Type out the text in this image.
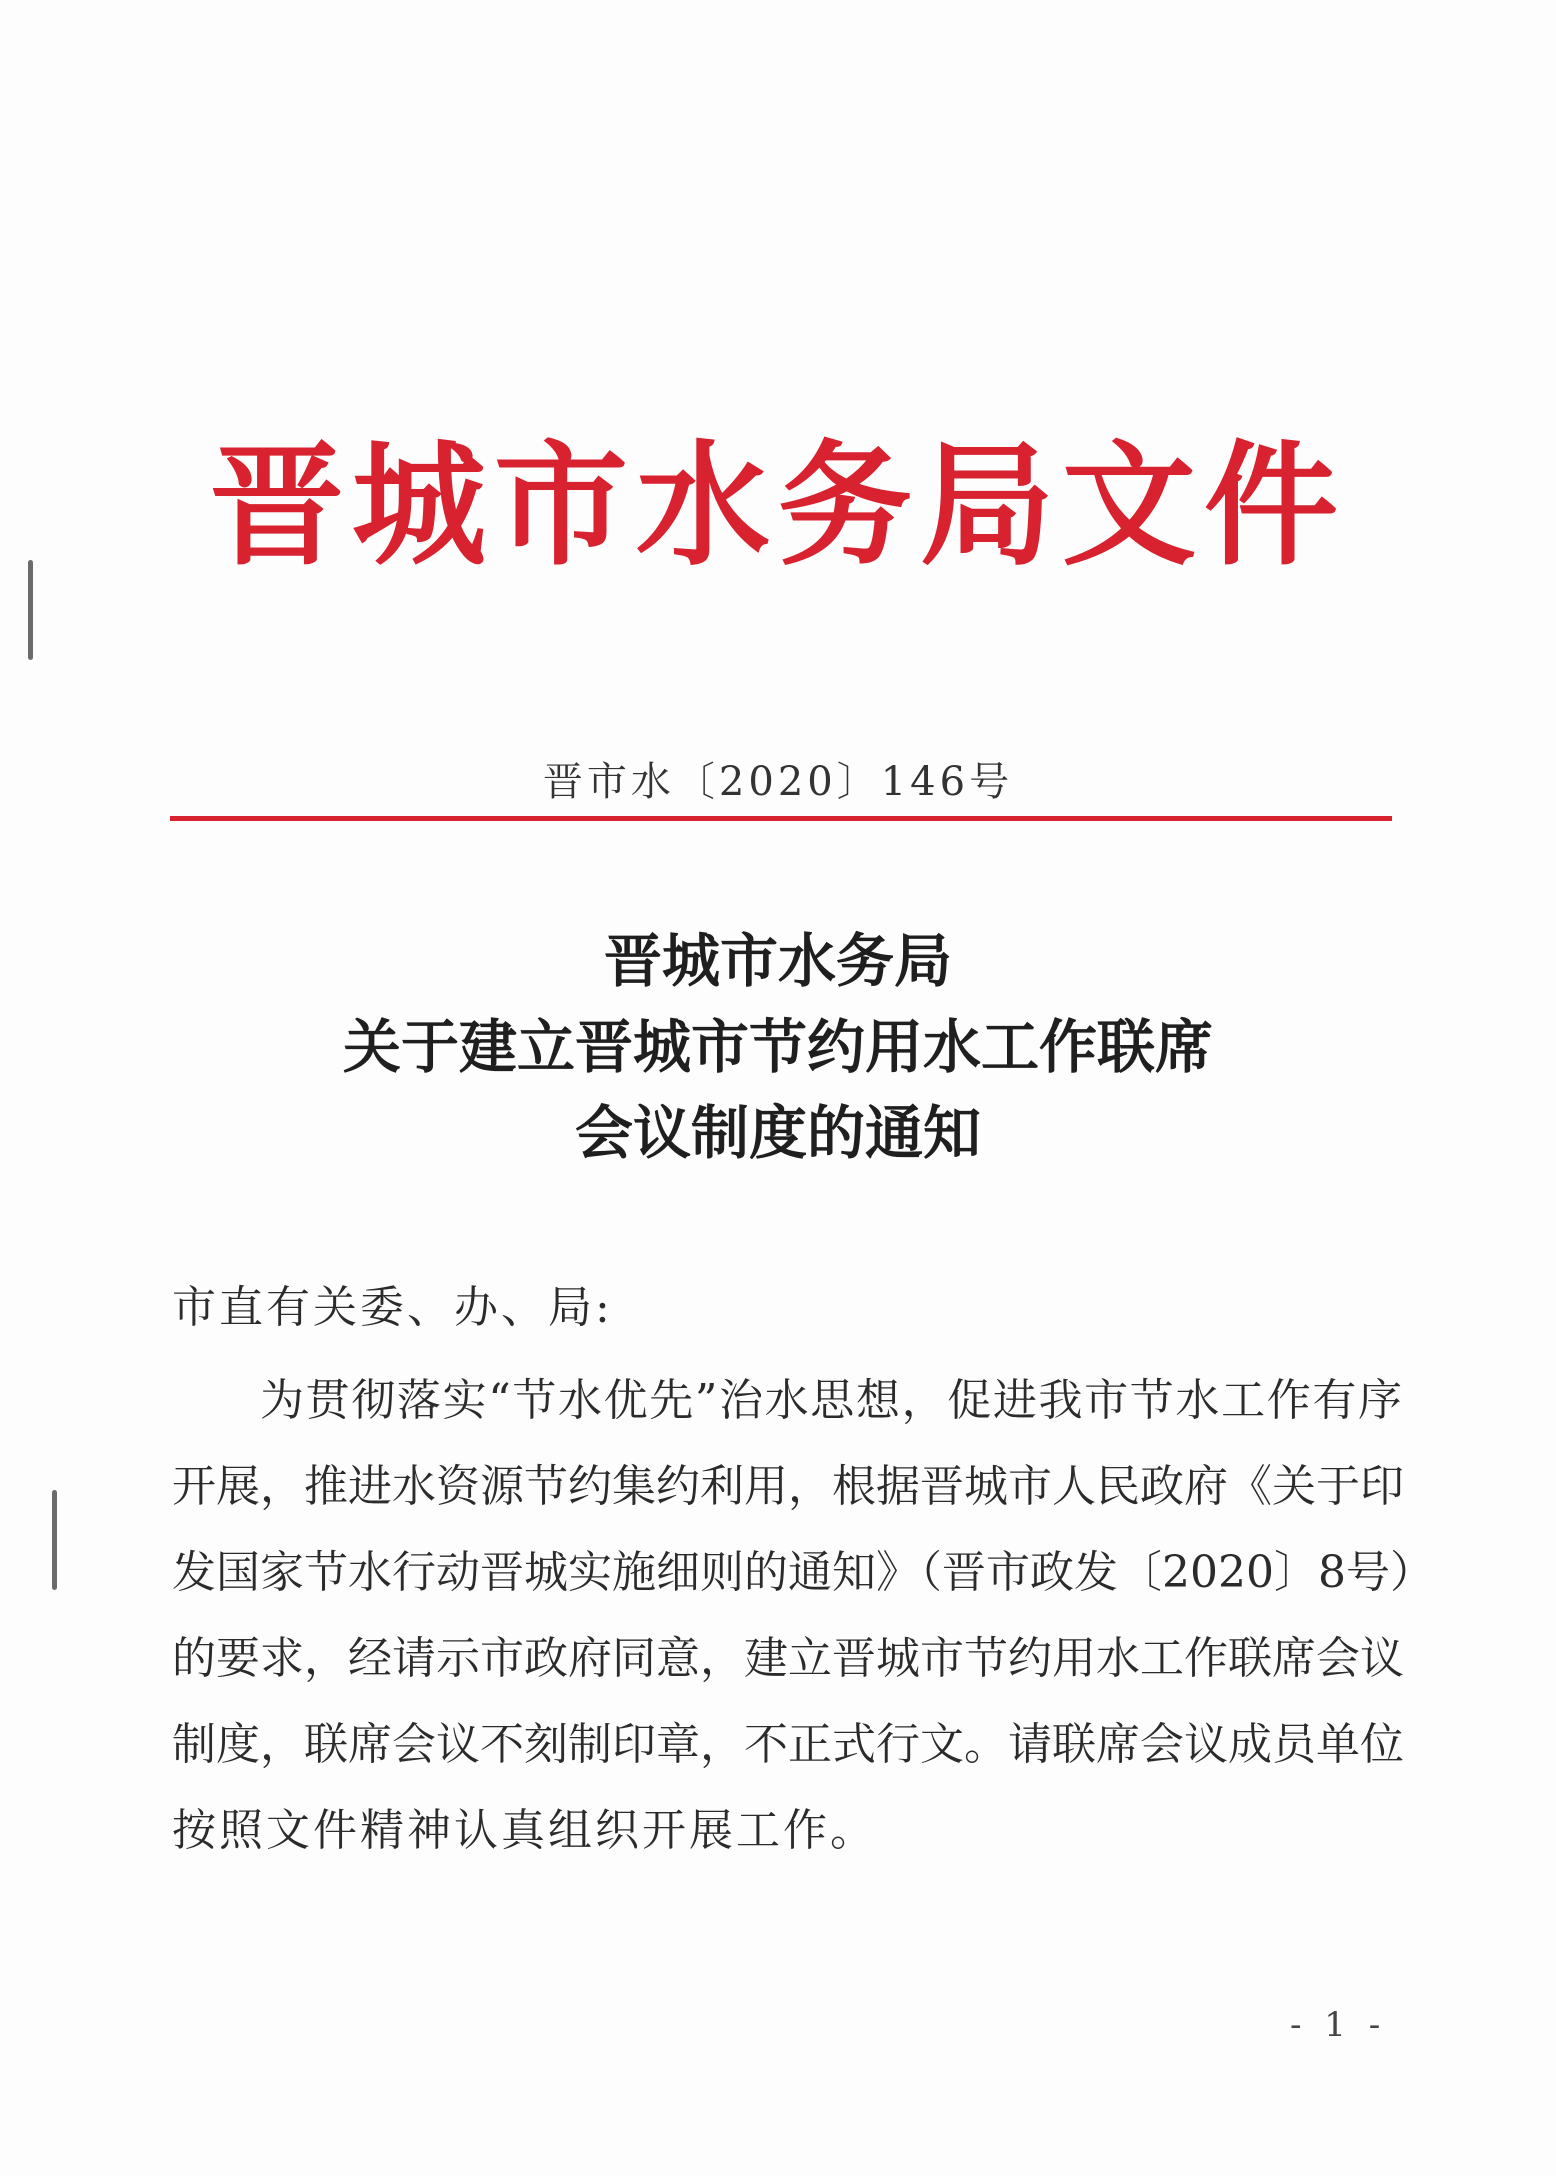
晋城市水务局文件
晋市水〔2020〕146号
晋城市水务局
关于建立晋城市节约用水工作联席
会议制度的通知
市直有关委、办、局:
为贯彻落实“节水优先”治水思想，促进我市节水工作有序
开展，推进水资源节约集约利用，根据晋城市人民政府《关于印
发国家节水行动晋城实施细则的通知》（晋市政发〔2020〕8号）
的要求，经请示市政府同意，建立晋城市节约用水工作联席会议
制度，联席会议不刻制印章，不正式行文。请联席会议成员单位
按照文件精神认真组织开展工作。
- 1 -
